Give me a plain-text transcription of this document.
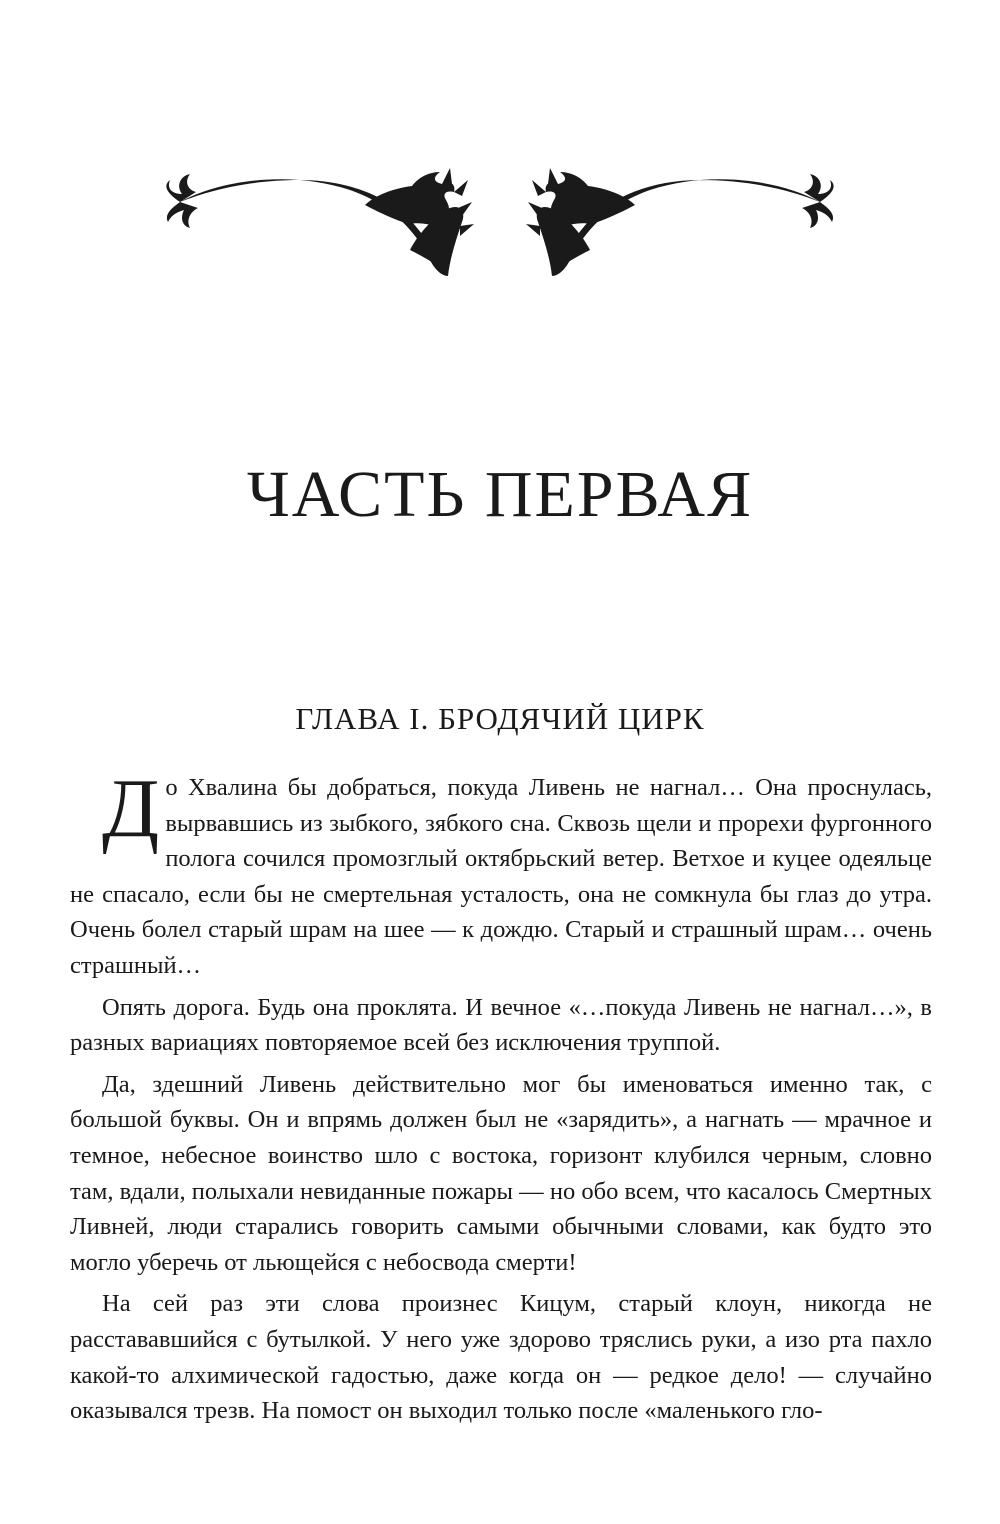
ЧАСТЬ ПЕРВАЯ
ГЛАВА I. БРОДЯЧИЙ ЦИРК

До Хвалина бы добраться, покуда Ливень не нагнал… Она проснулась, вырвавшись из зыбкого, зябкого сна. Сквозь щели и прорехи фургонного полога сочился промозглый октябрьский ветер. Ветхое и куцее одеяльце не спасало, если бы не смертельная усталость, она не сомкнула бы глаз до утра. Очень болел старый шрам на шее — к дождю. Старый и страшный шрам… очень страшный…

Опять дорога. Будь она проклята. И вечное «…покуда Ливень не нагнал…», в разных вариациях повторяемое всей без исключения труппой.

Да, здешний Ливень действительно мог бы именоваться именно так, с большой буквы. Он и впрямь должен был не «зарядить», а нагнать — мрачное и темное, небесное воинство шло с востока, горизонт клубился черным, словно там, вдали, полыхали невиданные пожары — но обо всем, что касалось Смертных Ливней, люди старались говорить самыми обычными словами, как будто это могло уберечь от льющейся с небосвода смерти!

На сей раз эти слова произнес Кицум, старый клоун, никогда не расстававшийся с бутылкой. У него уже здорово тряслись руки, а изо рта пахло какой-то алхимической гадостью, даже когда он — редкое дело! — случайно оказывался трезв. На помост он выходил только после «маленького гло-
